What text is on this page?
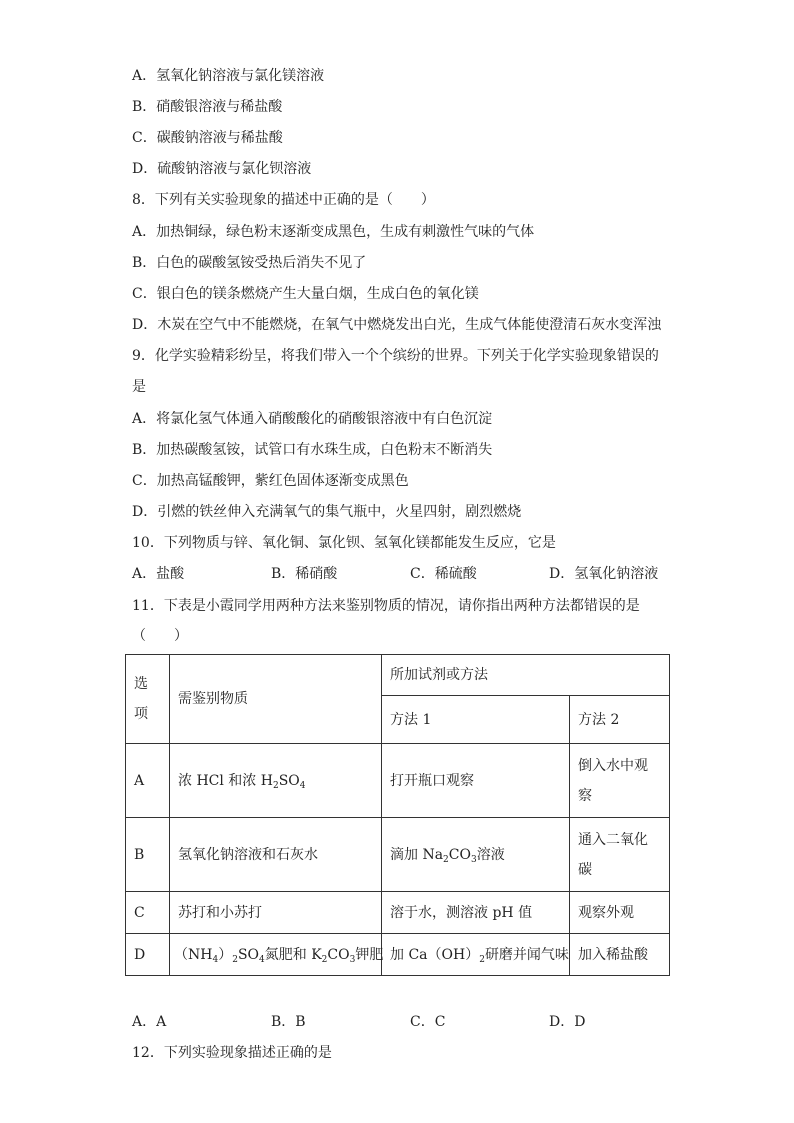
A．氢氧化钠溶液与氯化镁溶液
B．硝酸银溶液与稀盐酸
C．碳酸钠溶液与稀盐酸
D．硫酸钠溶液与氯化钡溶液
8．下列有关实验现象的描述中正确的是（　　）
A．加热铜绿，绿色粉末逐渐变成黑色，生成有刺激性气味的气体
B．白色的碳酸氢铵受热后消失不见了
C．银白色的镁条燃烧产生大量白烟，生成白色的氧化镁
D．木炭在空气中不能燃烧，在氧气中燃烧发出白光，生成气体能使澄清石灰水变浑浊
9．化学实验精彩纷呈，将我们带入一个个缤纷的世界。下列关于化学实验现象错误的
是
A．将氯化氢气体通入硝酸酸化的硝酸银溶液中有白色沉淀
B．加热碳酸氢铵，试管口有水珠生成，白色粉末不断消失
C．加热高锰酸钾，紫红色固体逐渐变成黑色
D．引燃的铁丝伸入充满氧气的集气瓶中，火星四射，剧烈燃烧
10．下列物质与锌、氧化铜、氯化钡、氢氧化镁都能发生反应，它是
A．盐酸	B．稀硝酸	C．稀硫酸	D．氢氧化钠溶液
11．下表是小霞同学用两种方法来鉴别物质的情况，请你指出两种方法都错误的是
（　　）
选
项	需鉴别物质	所加试剂或方法	
		方法 1	方法 2
A	浓 HCl 和浓 $H_2SO_4$	打开瓶口观察	倒入水中观
察

B	氢氧化钠溶液和石灰水	滴加 $Na_2CO_3$溶液	通入二氧化
碳

C	苏打和小苏打	溶于水，测溶液 pH 值	观察外观
D	$(NH_4)_2SO_4$氮肥和 $K_2CO_3$钾肥	加 $Ca(OH)_2$研磨并闻气味	加入稀盐酸
A．A	B．B	C．C	D．D
12．下列实验现象描述正确的是
